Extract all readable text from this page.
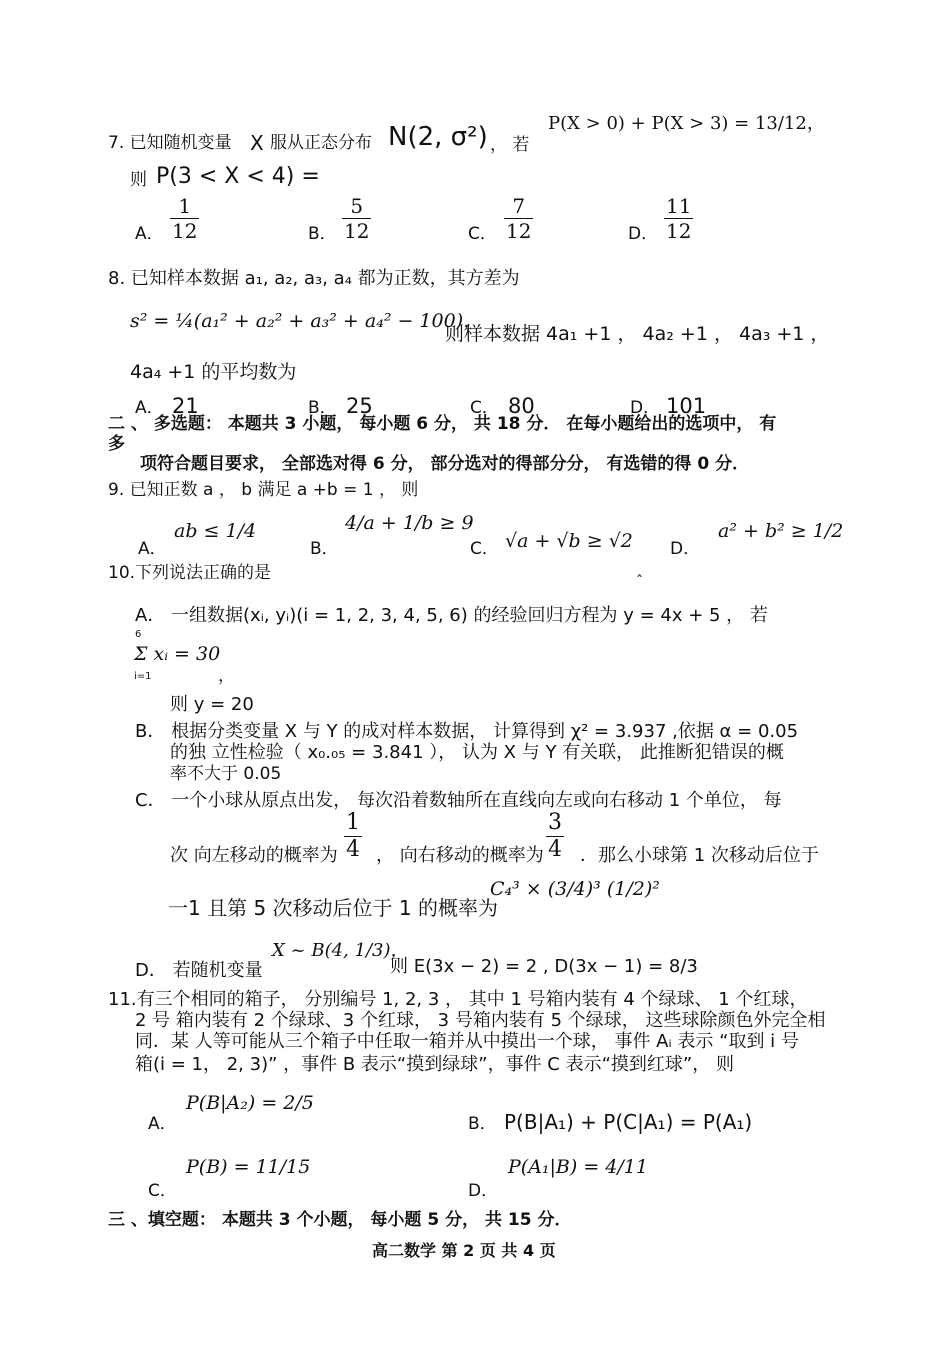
7. 已知随机变量 X 服从正态分布 N(2, σ²) ， 若
P(X > 0) + P(X > 3) = 13/12，
则 P(3 < X < 4) =
A． $\frac{1}{12}$	B． $\frac{5}{12}$	C． $\frac{7}{12}$	D． $\frac{11}{12}$
8. 已知样本数据 a₁, a₂, a₃, a₄ 都为正数，其方差为
s² = ¼(a₁² + a₂² + a₃² + a₄² − 100)，
则样本数据 4a₁ +1 ， 4a₂ +1 ， 4a₃ +1 ，
4a₄ +1 的平均数为
A． 21	B． 25	C． 80	D． 101
二 、 多选题： 本题共 3 小题， 每小题 6 分， 共 18 分． 在每小题给出的选项中， 有
多
项符合题目要求， 全部选对得 6 分， 部分选对的得部分分， 有选错的得 0 分．
9. 已知正数 a ， b 满足 a +b = 1 ， 则
A．
ab ≤ 1/4
B．
4/a + 1/b ≥ 9
C． √a + √b ≥ √2 D．
a² + b² ≥ 1/2
10.下列说法正确的是	ˆ
A． 一组数据(xᵢ, yᵢ)(i = 1, 2, 3, 4, 5, 6) 的经验回归方程为 y = 4x + 5 ， 若
6
Σ xᵢ = 30
i=1	，
则 y = 20
B． 根据分类变量 X 与 Y 的成对样本数据， 计算得到 χ² = 3.937 ,依据 α = 0.05
的独 立性检验（ x₀.₀₅ = 3.841 ）， 认为 X 与 Y 有关联， 此推断犯错误的概
率不大于 0.05
C． 一个小球从原点出发， 每次沿着数轴所在直线向左或向右移动 1 个单位， 每
次 向左移动的概率为 $\frac{1}{4}$ ， 向右移动的概率为 $\frac{3}{4}$ ．那么小球第 1 次移动后位于
一1 且第 5 次移动后位于 1 的概率为
C₄³ × (3/4)³ (1/2)²
D． 若随机变量
X ~ B(4, 1/3)，
则 E(3x − 2) = 2 , D(3x − 1) = 8/3
11.有三个相同的箱子， 分别编号 1, 2, 3 ， 其中 1 号箱内装有 4 个绿球、 1 个红球，
2 号 箱内装有 2 个绿球、3 个红球， 3 号箱内装有 5 个绿球， 这些球除颜色外完全相
同．某 人等可能从三个箱子中任取一箱并从中摸出一个球， 事件 Aᵢ 表示 “取到 i 号
箱(i = 1， 2, 3)” ，事件 B 表示“摸到绿球”，事件 C 表示“摸到红球”， 则
A．
P(B|A₂) = 2/5
B． P(B|A₁) + P(C|A₁) = P(A₁)
C．
P(B) = 11/15
D．
P(A₁|B) = 4/11
三 、填空题： 本题共 3 个小题， 每小题 5 分， 共 15 分．
高二数学 第 2 页 共 4 页
